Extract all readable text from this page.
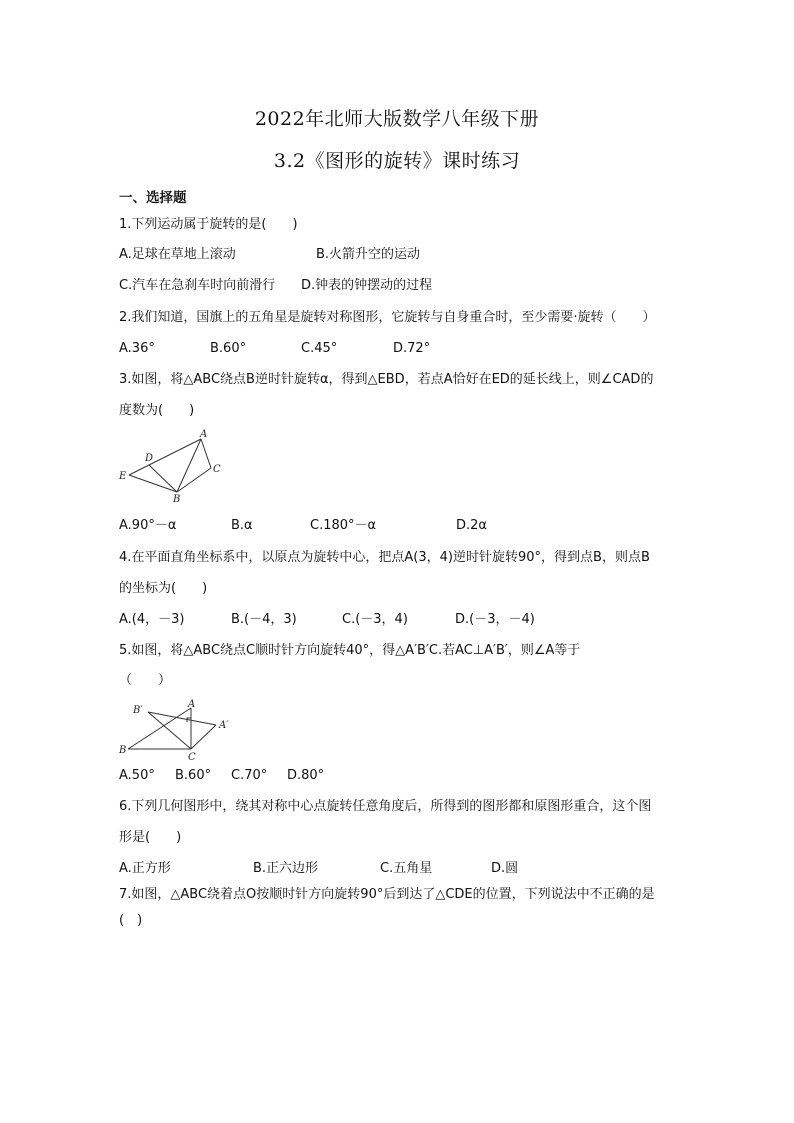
2022年北师大版数学八年级下册
3.2《图形的旋转》课时练习
一、选择题
1.下列运动属于旋转的是(　　)
A.足球在草地上滚动	B.火箭升空的运动
C.汽车在急刹车时向前滑行 D.钟表的钟摆动的过程
2.我们知道，国旗上的五角星是旋转对称图形，它旋转与自身重合时，至少需要·旋转（　　）
A.36°	B.60°	C.45°	D.72°
3.如图，将△ABC绕点B逆时针旋转α，得到△EBD，若点A恰好在ED的延长线上，则∠CAD的
度数为(　　)
A
D
E
C
B
A.90°－α	B.α	C.180°－α	D.2α
4.在平面直角坐标系中，以原点为旋转中心，把点A(3，4)逆时针旋转90°，得到点B，则点B
的坐标为(　　)
A.(4，－3)	B.(－4，3)	C.(－3，4)	D.(－3，－4)
5.如图，将△ABC绕点C顺时针方向旋转40°，得△A′B′C.若AC⊥A′B′，则∠A等于
（　　）
B′
A
A′
B
C
A.50° B.60° C.70° D.80°
6.下列几何图形中，绕其对称中心点旋转任意角度后，所得到的图形都和原图形重合，这个图
形是(　　)
A.正方形	B.正六边形	C.五角星	D.圆
7.如图，△ABC绕着点O按顺时针方向旋转90°后到达了△CDE的位置，下列说法中不正确的是
(　)
